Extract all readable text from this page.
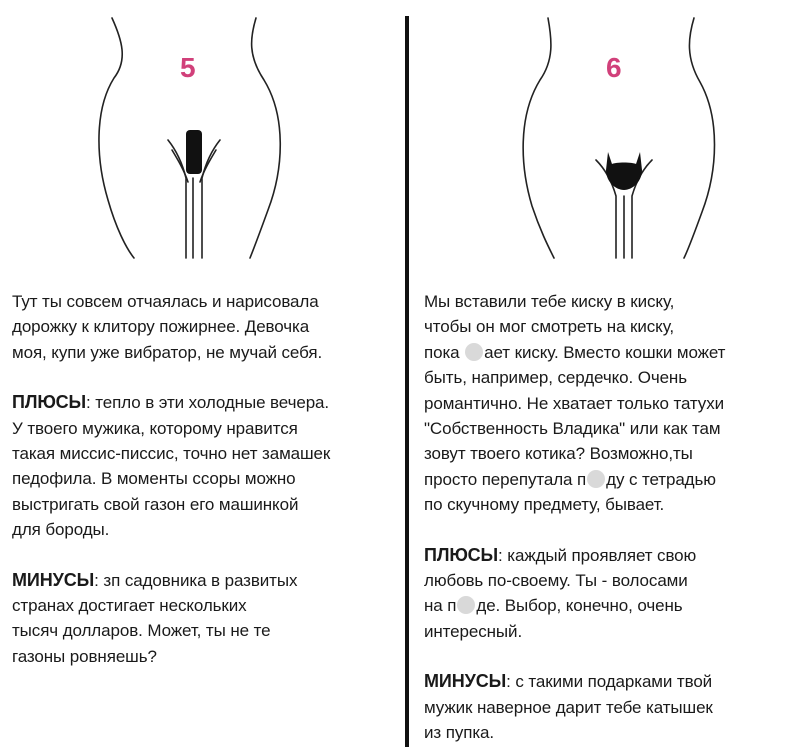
5	6
Тут ты совсем отчаялась и нарисовала
дорожку к клитору пожирнее. Девочка
моя, купи уже вибратор, не мучай себя.
ПЛЮСЫ: тепло в эти холодные вечера.
У твоего мужика, которому нравится
такая миссис-писсис, точно нет замашек
педофила. В моменты ссоры можно
выстригать свой газон его машинкой
для бороды.
МИНУСЫ: зп садовника в развитых
странах достигает нескольких
тысяч долларов. Может, ты не те
газоны ровняешь?
Мы вставили тебе киску в киску,
чтобы он мог смотреть на киску,
пока ает киску. Вместо кошки может
быть, например, сердечко. Очень
романтично. Не хватает только татухи
"Собственность Владика" или как там
зовут твоего котика? Возможно,ты
просто перепутала п ду с тетрадью
по скучному предмету, бывает.
ПЛЮСЫ: каждый проявляет свою
любовь по-своему. Ты - волосами
на п де. Выбор, конечно, очень
интересный.
МИНУСЫ: с такими подарками твой
мужик наверное дарит тебе катышек
из пупка.
